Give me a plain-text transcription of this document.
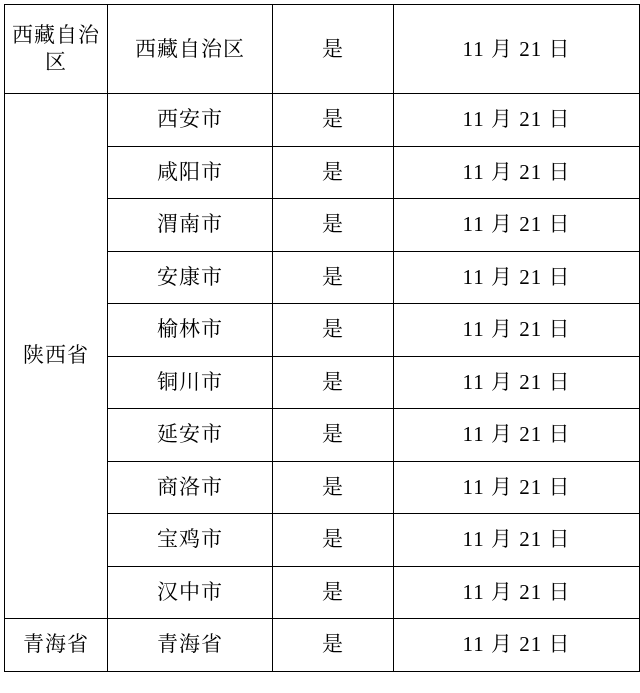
西藏自治区	西藏自治区	是	11 月 21 日

陕西省	西安市	是	11 月 21 日

	咸阳市	是	11 月 21 日

	渭南市	是	11 月 21 日

	安康市	是	11 月 21 日

	榆林市	是	11 月 21 日

	铜川市	是	11 月 21 日

	延安市	是	11 月 21 日

	商洛市	是	11 月 21 日

	宝鸡市	是	11 月 21 日

	汉中市	是	11 月 21 日

青海省	青海省	是	11 月 21 日
